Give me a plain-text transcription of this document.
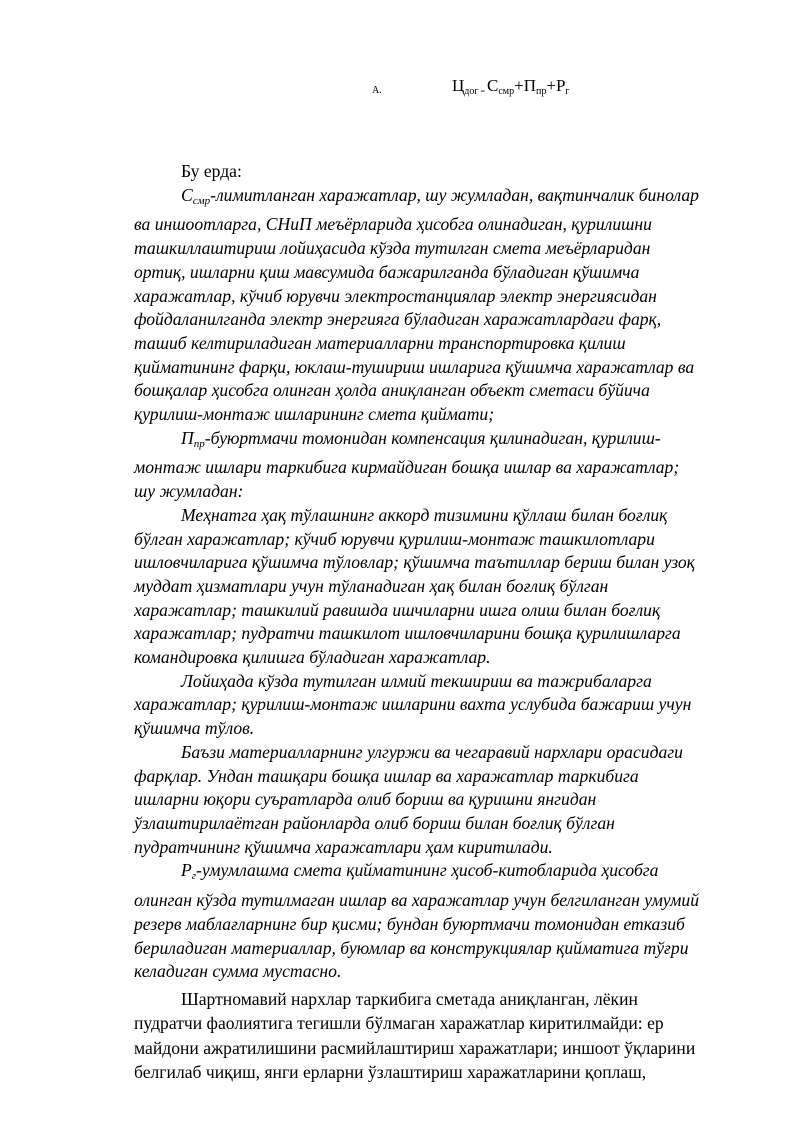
А.	$Ц_{дог =}$ $С_{смр}+П_{пр}+Р_г$
Бу ерда:
$С_{смр}$-лимитланган харажатлар, шу жумладан, вақтинчалик бинолар
ва иншоотларга, СНиП меъёрларида ҳисобга олинадиган, қурилишни
ташкиллаштириш лойиҳасида кўзда тутилган смета меъёрларидан
ортиқ, ишларни қиш мавсумида бажарилганда бўладиган қўшимча
харажатлар, кўчиб юрувчи электростанциялар электр энергиясидан
фойдаланилганда электр энергияга бўладиган харажатлардаги фарқ,
ташиб келтириладиган материалларни транспортировка қилиш
қийматининг фарқи, юклаш-тушириш ишларига қўшимча харажатлар ва
бошқалар ҳисобга олинган ҳолда аниқланган объект сметаси бўйича
қурилиш-монтаж ишларининг смета қиймати;
$П_{пр}$-буюртмачи томонидан компенсация қилинадиган, қурилиш-
монтаж ишлари таркибига кирмайдиган бошқа ишлар ва харажатлар;
шу жумладан:
Меҳнатга ҳақ тўлашнинг аккорд тизимини қўллаш билан боғлиқ
бўлган харажатлар; кўчиб юрувчи қурилиш-монтаж ташкилотлари
ишловчиларига қўшимча тўловлар; қўшимча таътиллар бериш билан узоқ
муддат ҳизматлари учун тўланадиган ҳақ билан боғлиқ бўлган
харажатлар; ташкилий равишда ишчиларни ишга олиш билан боғлиқ
харажатлар; пудратчи ташкилот ишловчиларини бошқа қурилишларга
командировка қилишга бўладиган харажатлар.
Лойиҳада кўзда тутилган илмий текшириш ва тажрибаларга
харажатлар; қурилиш-монтаж ишларини вахта услубида бажариш учун
қўшимча тўлов.
Баъзи материалларнинг улгуржи ва чегаравий нархлари орасидаги
фарқлар. Ундан ташқари бошқа ишлар ва харажатлар таркибига
ишларни юқори суъратларда олиб бориш ва қуришни янгидан
ўзлаштирилаётган районларда олиб бориш билан боғлиқ бўлган
пудратчининг қўшимча харажатлари ҳам киритилади.
$Р_г$-умумлашма смета қийматининг ҳисоб-китобларида ҳисобга
олинган кўзда тутилмаган ишлар ва харажатлар учун белгиланган умумий
резерв маблағларнинг бир қисми; бундан буюртмачи томонидан етказиб
бериладиган материаллар, буюмлар ва конструкциялар қийматига тўғри
келадиган сумма мустасно.
Шартномавий нархлар таркибига сметада аниқланган, лёкин
пудратчи фаолиятига тегишли бўлмаган харажатлар киритилмайди: ер
майдони ажратилишини расмийлаштириш харажатлари; иншоот ўқларини
белгилаб чиқиш, янги ерларни ўзлаштириш харажатларини қоплаш,
